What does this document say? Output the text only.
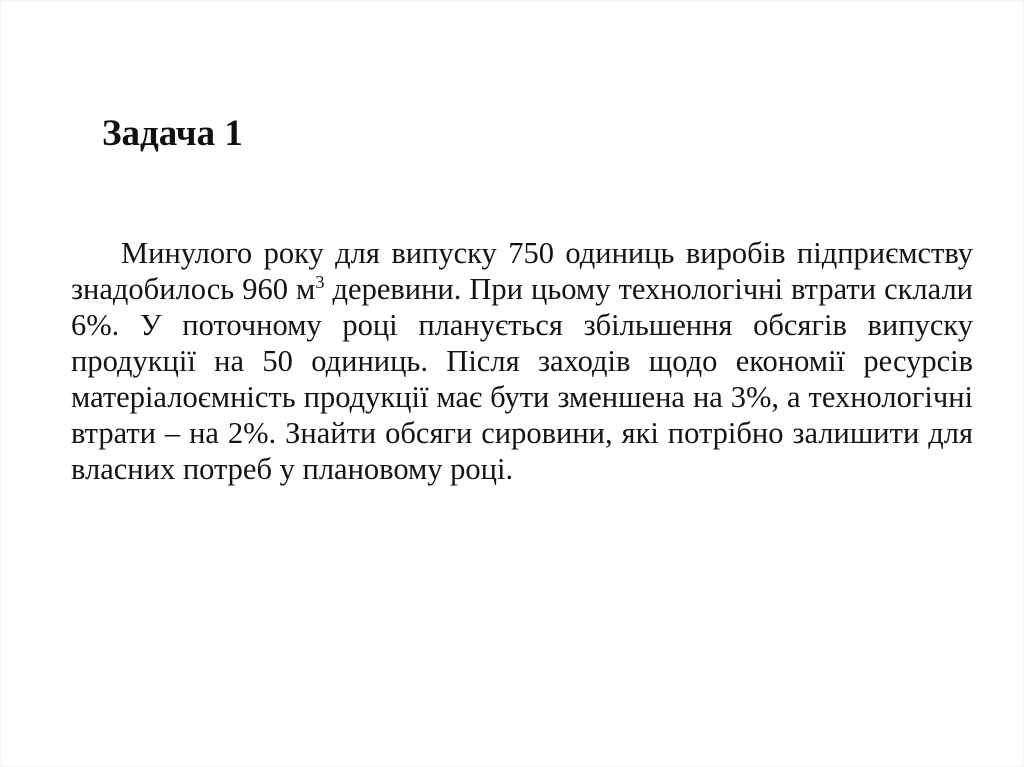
Задача 1

Минулого року для випуску 750 одиниць виробів підприємству знадобилось 960 $м^3$ деревини. При цьому технологічні втрати склали 6%. У поточному році планується збільшення обсягів випуску продукції на 50 одиниць. Після заходів щодо економії ресурсів матеріалоємність продукції має бути зменшена на 3%, а технологічні втрати – на 2%. Знайти обсяги сировини, які потрібно залишити для власних потреб у плановому році.
